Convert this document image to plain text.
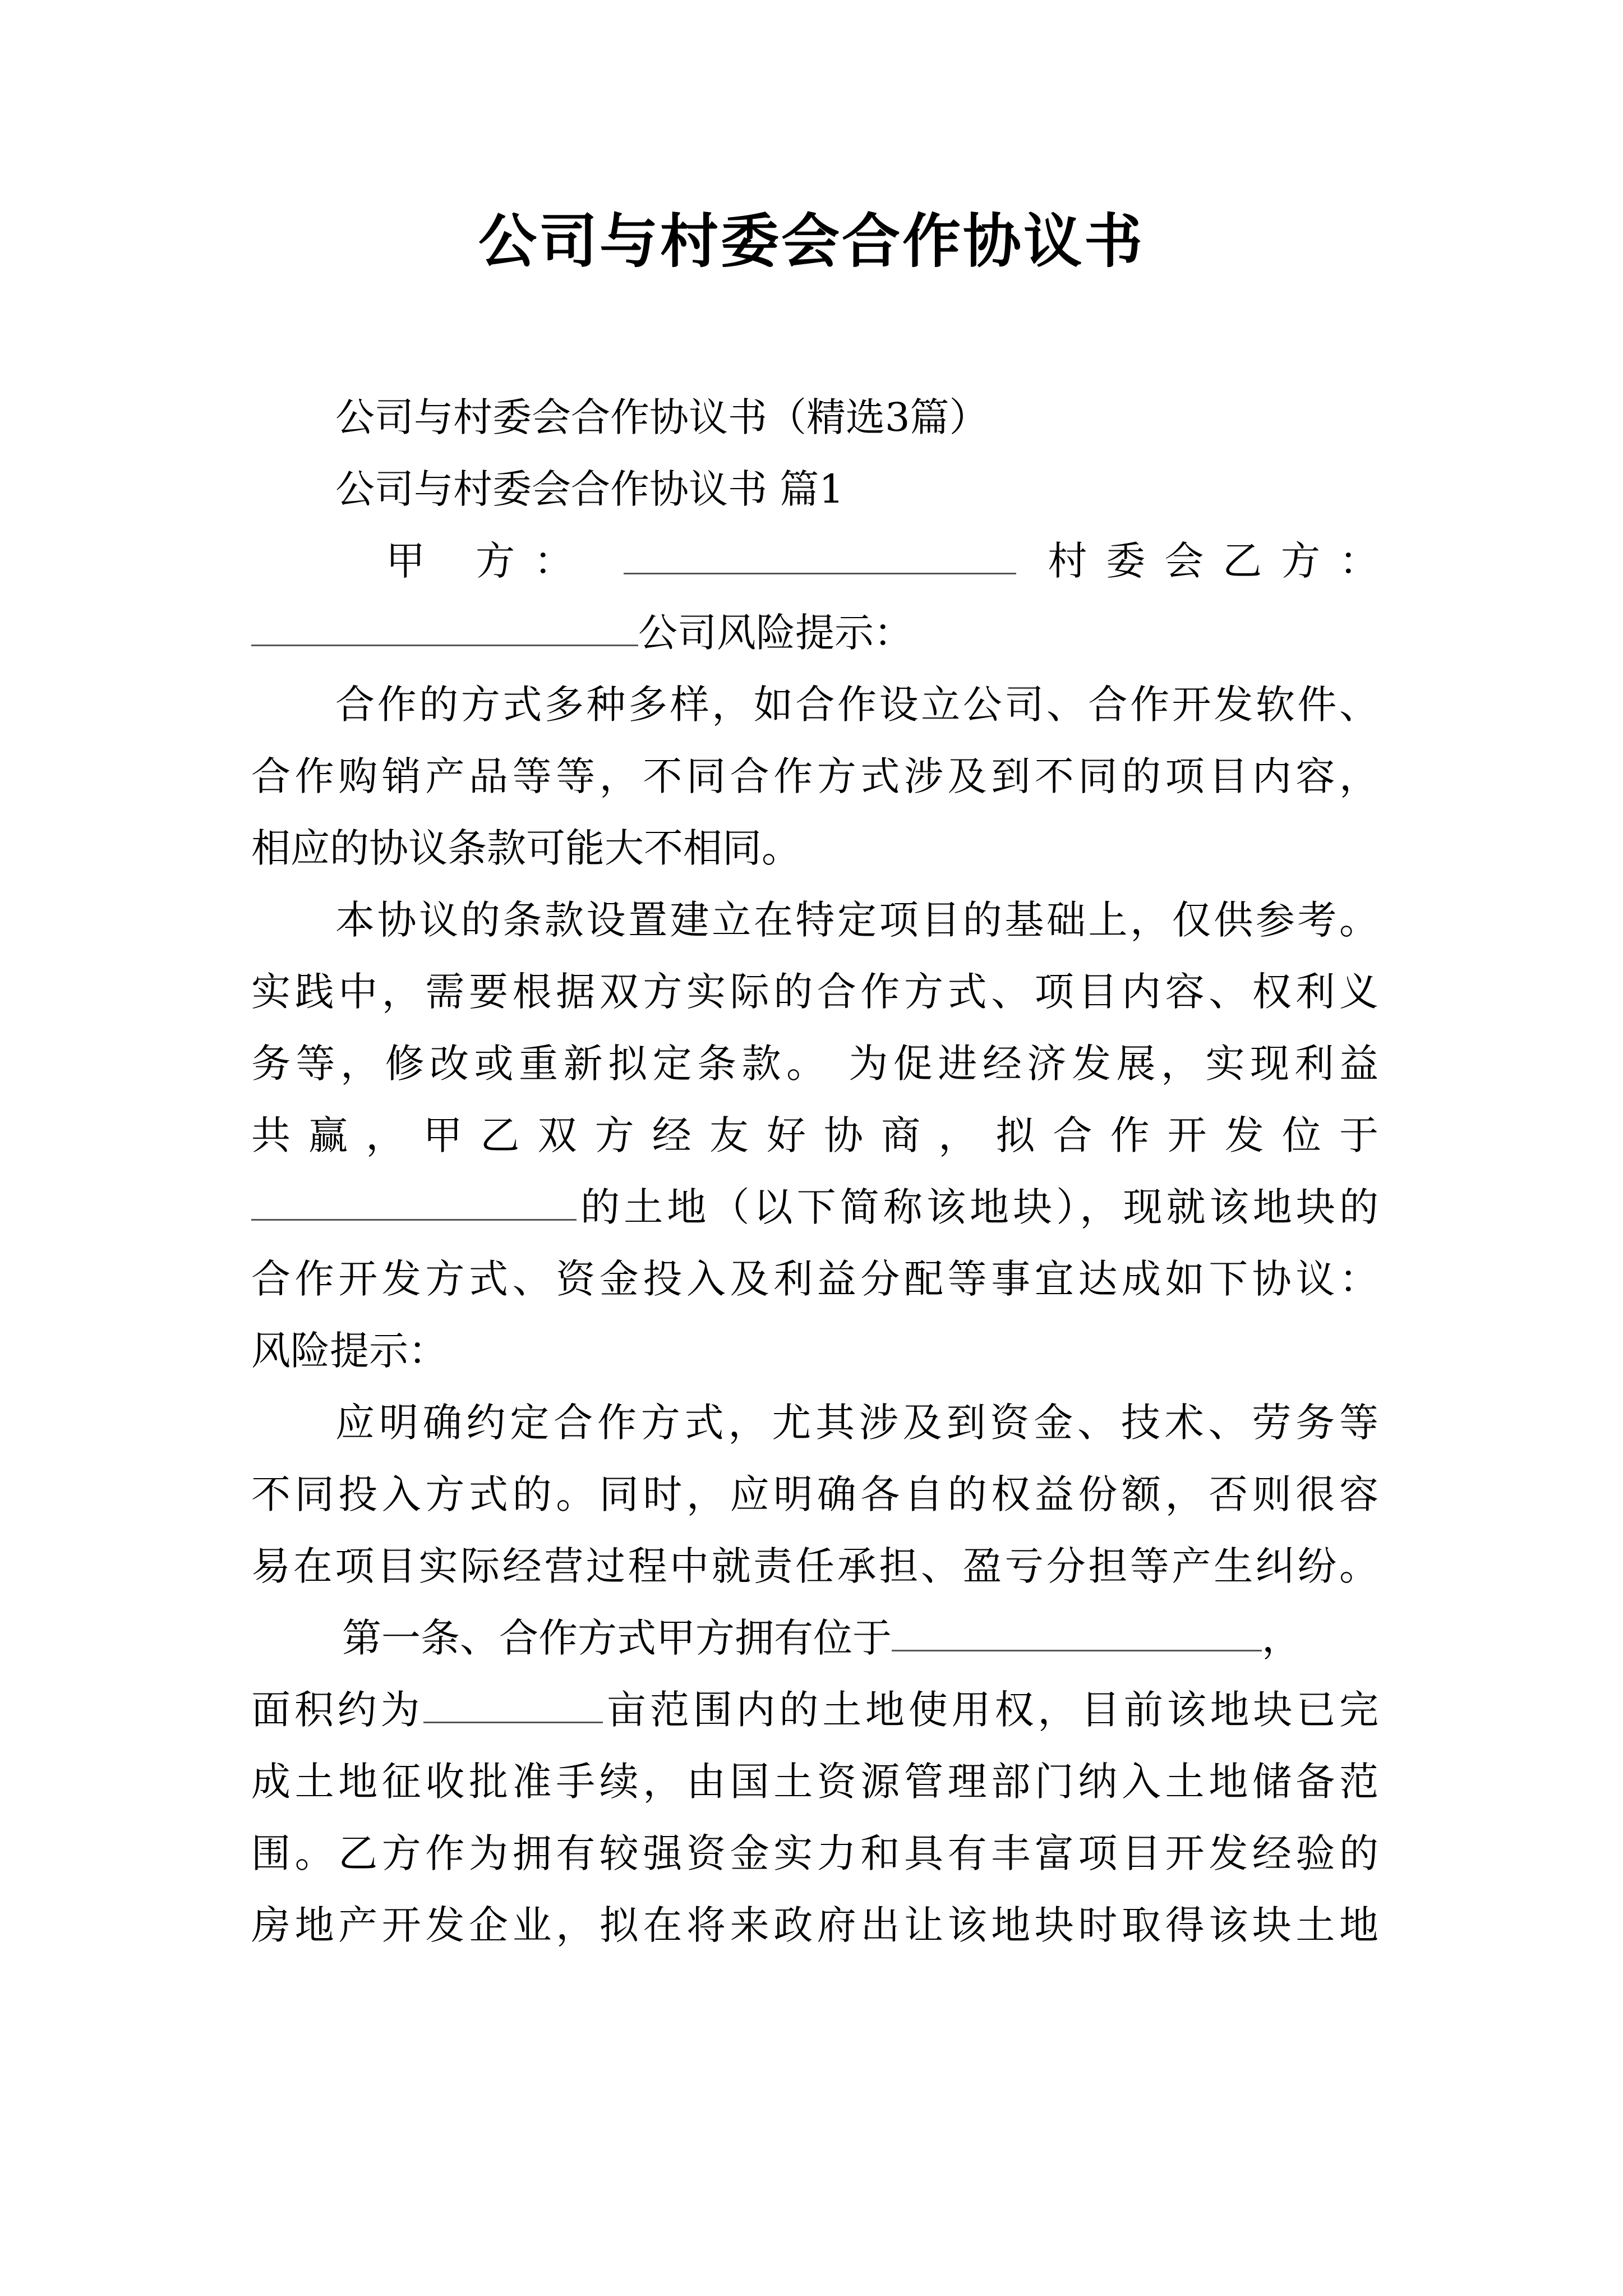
公司与村委会合作协议书
公司与村委会合作协议书（精选3篇）
公司与村委会合作协议书 篇1
甲 方：	村委会乙方：
公司风险提示：
合作的方式多种多样，如合作设立公司、合作开发软件、
合作购销产品等等，不同合作方式涉及到不同的项目内容，
相应的协议条款可能大不相同。
本协议的条款设置建立在特定项目的基础上，仅供参考。
实践中，需要根据双方实际的合作方式、项目内容、权利义
务等，修改或重新拟定条款。 为促进经济发展，实现利益
共赢，甲乙双方经友好协商，拟合作开发位于
的土地（以下简称该地块），现就该地块的
合作开发方式、资金投入及利益分配等事宜达成如下协议：
风险提示：
应明确约定合作方式，尤其涉及到资金、技术、劳务等
不同投入方式的。同时，应明确各自的权益份额，否则很容
易在项目实际经营过程中就责任承担、盈亏分担等产生纠纷。
第一条、合作方式甲方拥有位于	，
面积约为	亩范围内的土地使用权，目前该地块已完
成土地征收批准手续，由国土资源管理部门纳入土地储备范
围。乙方作为拥有较强资金实力和具有丰富项目开发经验的
房地产开发企业，拟在将来政府出让该地块时取得该块土地
